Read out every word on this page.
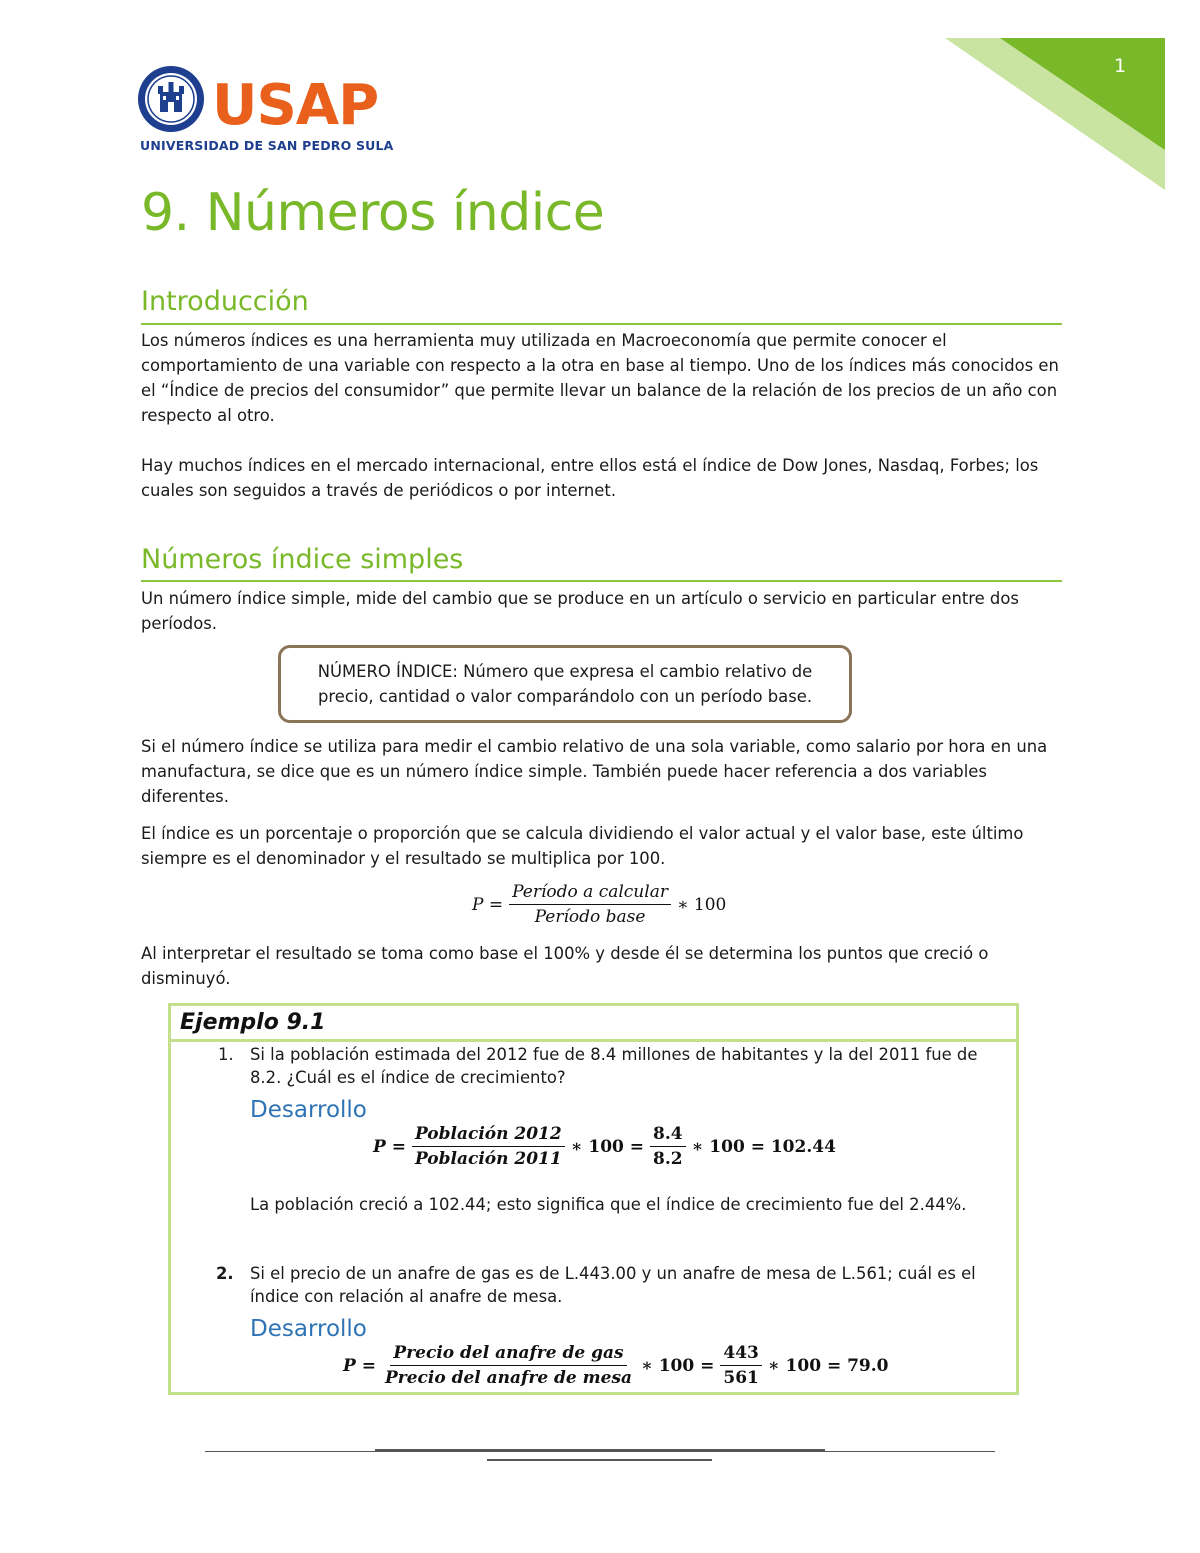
1
USAP
UNIVERSIDAD DE SAN PEDRO SULA
9. Números índice
Introducción

Los números índices es una herramienta muy utilizada en Macroeconomía que permite conocer el comportamiento de una variable con respecto a la otra en base al tiempo. Uno de los índices más conocidos en el “Índice de precios del consumidor” que permite llevar un balance de la relación de los precios de un año con respecto al otro.

Hay muchos índices en el mercado internacional, entre ellos está el índice de Dow Jones, Nasdaq, Forbes; los cuales son seguidos a través de periódicos o por internet.

Números índice simples

Un número índice simple, mide del cambio que se produce en un artículo o servicio en particular entre dos períodos.

NÚMERO ÍNDICE: Número que expresa el cambio relativo de precio, cantidad o valor comparándolo con un período base.

Si el número índice se utiliza para medir el cambio relativo de una sola variable, como salario por hora en una manufactura, se dice que es un número índice simple. También puede hacer referencia a dos variables diferentes.

El índice es un porcentaje o proporción que se calcula dividiendo el valor actual y el valor base, este último siempre es el denominador y el resultado se multiplica por 100.

$P = \frac{\text{Período a calcular}}{\text{Período base}}$ ∗ 100

Al interpretar el resultado se toma como base el 100% y desde él se determina los puntos que creció o disminuyó.

Ejemplo 9.1
1. Si la población estimada del 2012 fue de 8.4 millones de habitantes y la del 2011 fue de 8.2. ¿Cuál es el índice de crecimiento?

Desarrollo
$P = \frac{\text{Población 2012}}{\text{Población 2011}}$ ∗ $100 = \frac{8.4}{8.2}$ ∗ 100 = 102.44

La población creció a 102.44; esto significa que el índice de crecimiento fue del 2.44%.

2. Si el precio de un anafre de gas es de L.443.00 y un anafre de mesa de L.561; cuál es el índice con relación al anafre de mesa.

Desarrollo
$P = \frac{\text{Precio del anafre de gas}}{\text{Precio del anafre de mesa}}$ ∗ $100 = \frac{443}{561}$ ∗ 100 = 79.0
